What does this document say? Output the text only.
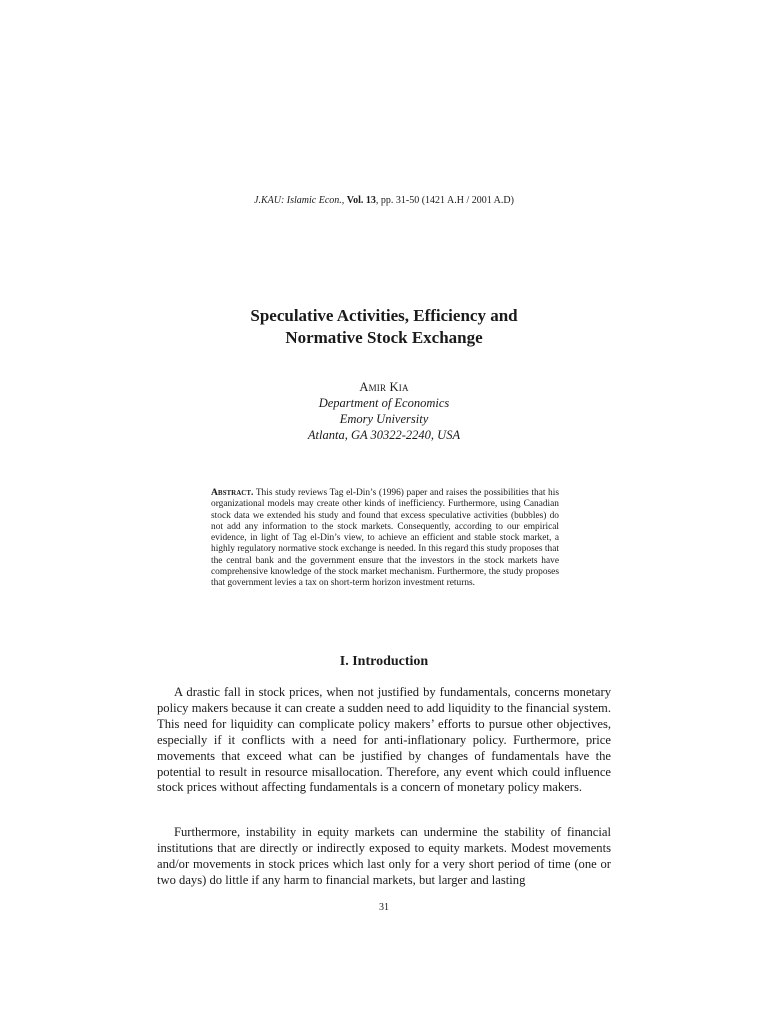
J.KAU: Islamic Econ., Vol. 13, pp. 31-50 (1421 A.H / 2001 A.D)
Speculative Activities, Efficiency and
Normative Stock Exchange
Amir Kia
Department of Economics
Emory University
Atlanta, GA 30322-2240, USA
Abstract. This study reviews Tag el-Din’s (1996) paper and raises the possibilities that his organizational models may create other kinds of inefficiency. Furthermore, using Canadian stock data we extended his study and found that excess speculative activities (bubbles) do not add any information to the stock markets. Consequently, according to our empirical evidence, in light of Tag el-Din’s view, to achieve an efficient and stable stock market, a highly regulatory normative stock exchange is needed. In this regard this study proposes that the central bank and the government ensure that the investors in the stock markets have comprehensive knowledge of the stock market mechanism. Furthermore, the study proposes that government levies a tax on short-term horizon investment returns.
I. Introduction

A drastic fall in stock prices, when not justified by fundamentals, concerns monetary policy makers because it can create a sudden need to add liquidity to the financial system. This need for liquidity can complicate policy makers’ efforts to pursue other objectives, especially if it conflicts with a need for anti-inflationary policy. Furthermore, price movements that exceed what can be justified by changes of fundamentals have the potential to result in resource misallocation. Therefore, any event which could influence stock prices without affecting fundamentals is a concern of monetary policy makers.

Furthermore, instability in equity markets can undermine the stability of financial institutions that are directly or indirectly exposed to equity markets. Modest movements and/or movements in stock prices which last only for a very short period of time (one or two days) do little if any harm to financial markets, but larger and lasting

31
